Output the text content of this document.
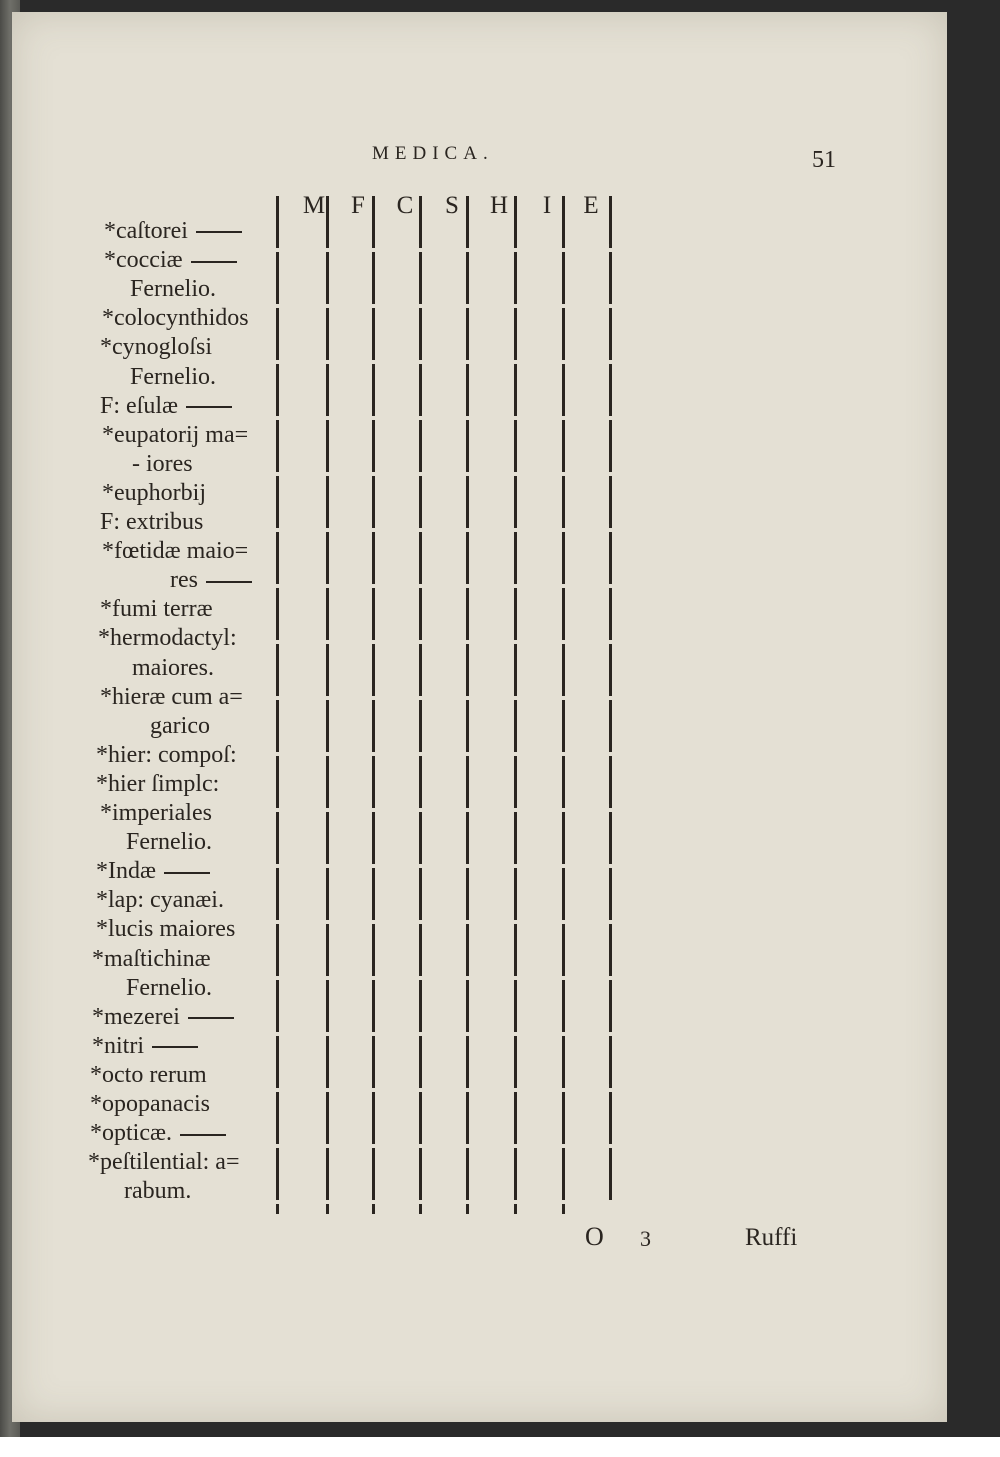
MEDICA.	51
M	F	C	S	H	I	E
*caſtorei
*cocciæ
Fernelio.
*colocynthidos
*cynogloſsi
Fernelio.
F: eſulæ
*eupatorij ma=
- iores
*euphorbij
F: extribus
*fœtidæ maio=
res
*fumi terræ
*hermodactyl:
maiores.
*hieræ cum a=
garico
*hier: compoſ:
*hier ſimplc:
*imperiales
Fernelio.
*Indæ
*lap: cyanæi.
*lucis maiores
*maſtichinæ
Fernelio.
*mezerei
*nitri
*octo rerum
*opopanacis
*opticæ.
*peſtilential: a=
rabum.
O 3	Ruffi
